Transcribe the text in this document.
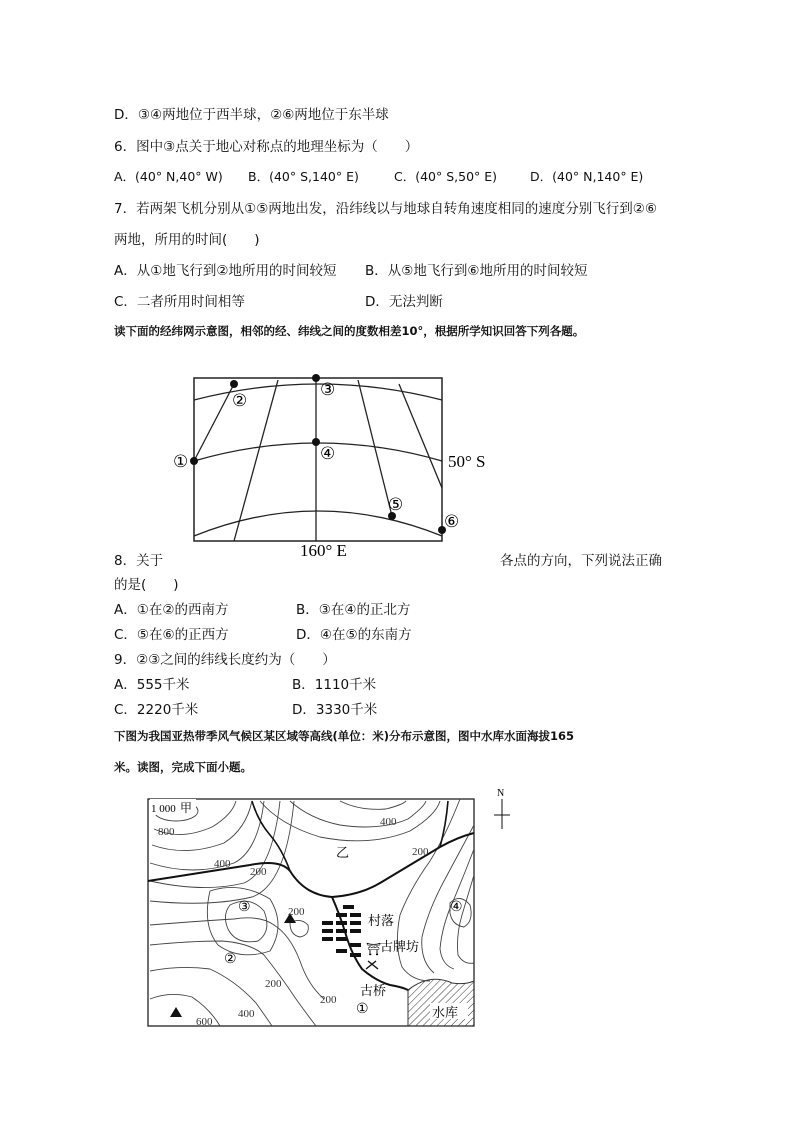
D．③④两地位于西半球，②⑥两地位于东半球
6．图中③点关于地心对称点的地理坐标为（　　）
A．(40° N,40° W) B．(40° S,140° E)	C．(40° S,50° E)	D．(40° N,140° E)
7．若两架飞机分别从①⑤两地出发，沿纬线以与地球自转角速度相同的速度分别飞行到②⑥
两地，所用的时间(　　)
A．从①地飞行到②地所用的时间较短 B．从⑤地飞行到⑥地所用的时间较短
C．二者所用时间相等	D．无法判断
读下面的经纬网示意图，相邻的经、纬线之间的度数相差10°，根据所学知识回答下列各题。
①
②
③
④
⑤
⑥
50° S
160° E
8．关于	各点的方向，下列说法正确
的是(　　)
A．①在②的西南方	B．③在④的正北方
C．⑤在⑥的正西方	D．④在⑤的东南方
9．②③之间的纬线长度约为（　　）
A．555千米	B．1110千米
C．2220千米	D．3330千米
下图为我国亚热带季风气候区某区域等高线(单位：米)分布示意图，图中水库水面海拔165
米。读图，完成下面小题。
⛩
N
1 000 甲
800
400
200
400
200
200
200
200
400
600
乙
村落
古牌坊
古桥
水库
①
②
③	④
